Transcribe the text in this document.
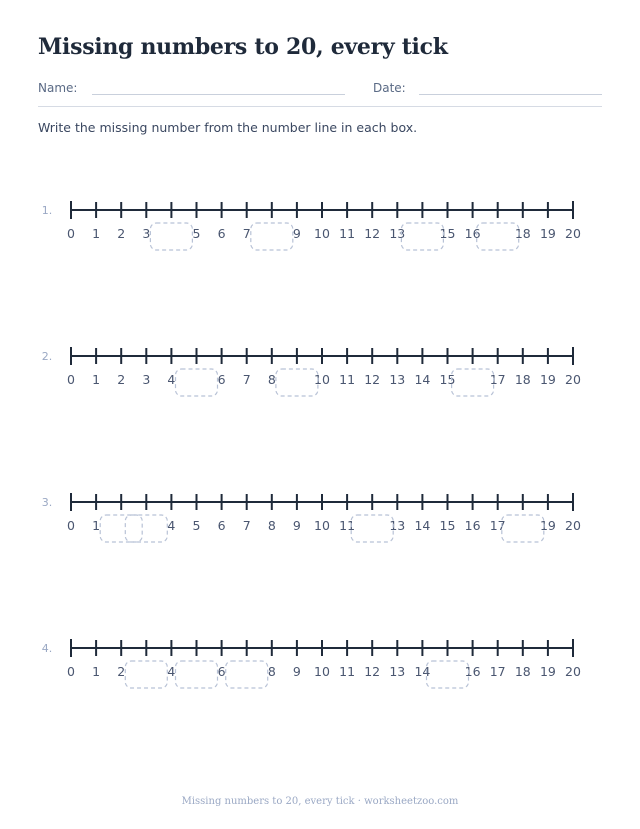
Missing numbers to 20, every tick
Name:	Date:
Write the missing number from the number line in each box.
1.
0 1 2 3	5 6 7	9 10 11 12 13	15 16	18 19 20
2.
0 1 2 3 4	6 7 8	10 11 12 13 14 15	17 18 19 20
3.
0 1	4 5 6 7 8 9 10 11	13 14 15 16 17	19 20
4.
0 1 2	4	6	8 9 10 11 12 13 14	16 17 18 19 20
Missing numbers to 20, every tick · worksheetzoo.com
